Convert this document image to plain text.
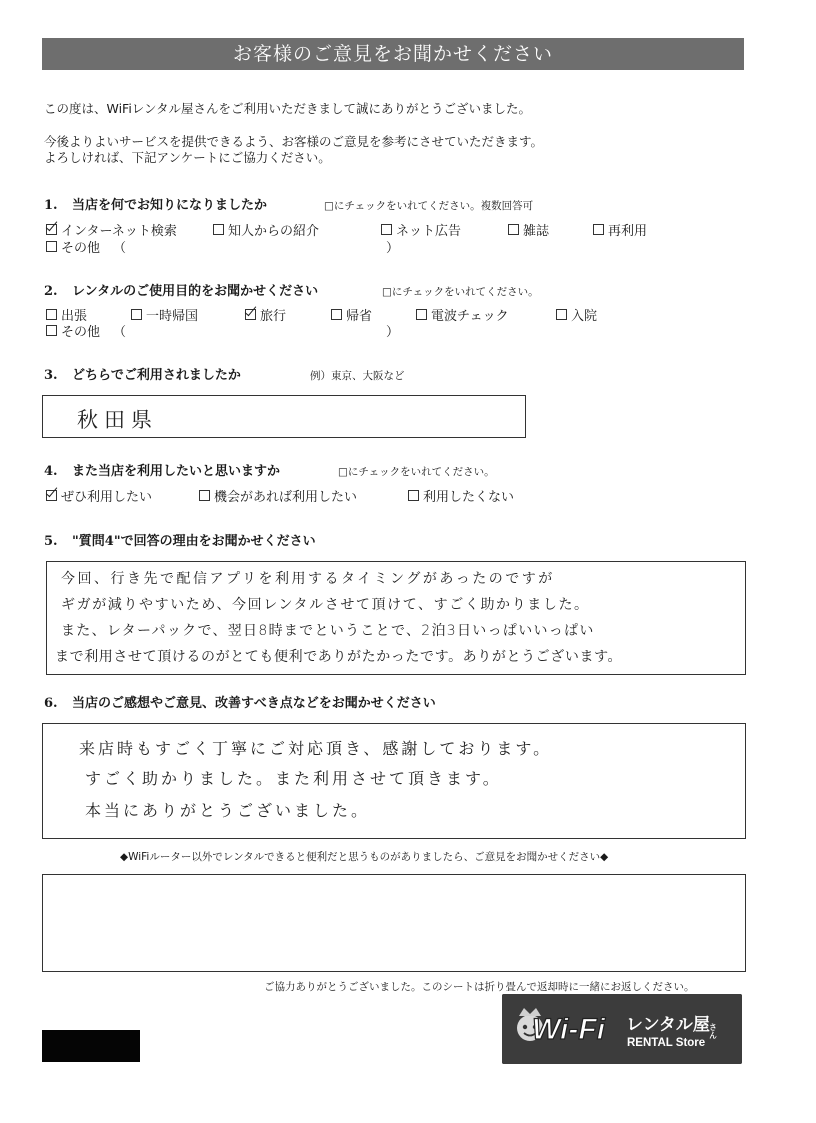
お客様のご意見をお聞かせください
この度は、WiFiレンタル屋さんをご利用いただきまして誠にありがとうございました。
今後よりよいサービスを提供できるよう、お客様のご意見を参考にさせていただきます。
よろしければ、下記アンケートにご協力ください。
1. 当店を何でお知りになりましたか	□にチェックをいれてください。複数回答可
インターネット検索	知人からの紹介	ネット広告	雑誌	再利用
その他 （	）
2. レンタルのご使用目的をお聞かせください	□にチェックをいれてください。
出張	一時帰国	旅行	帰省	電波チェック	入院
その他 （	）
3. どちらでご利用されましたか	例）東京、大阪など
秋田県
4. また当店を利用したいと思いますか	□にチェックをいれてください。
ぜひ利用したい	機会があれば利用したい	利用したくない
5. "質問4"で回答の理由をお聞かせください
今回、行き先で配信アプリを利用するタイミングがあったのですが
ギガが減りやすいため、今回レンタルさせて頂けて、すごく助かりました。
また、レターパックで、翌日8時までということで、2泊3日いっぱいいっぱい
まで利用させて頂けるのがとても便利でありがたかったです。ありがとうございます。
6. 当店のご感想やご意見、改善すべき点などをお聞かせください
来店時もすごく丁寧にご対応頂き、感謝しております。
すごく助かりました。また利用させて頂きます。
本当にありがとうございました。
◆WiFiルーター以外でレンタルできると便利だと思うものがありましたら、ご意見をお聞かせください◆
ご協力ありがとうございました。このシートは折り畳んで返却時に一緒にお返しください。
Wi-Fi レンタル屋
さん
RENTAL Store
